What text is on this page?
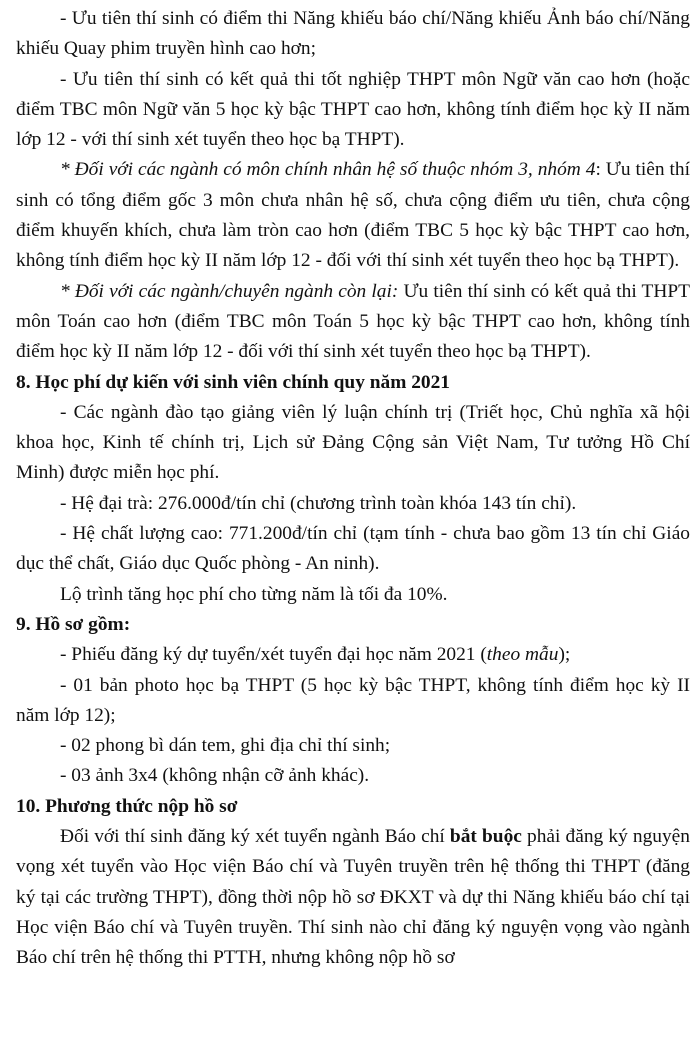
- Ưu tiên thí sinh có điểm thi Năng khiếu báo chí/Năng khiếu Ảnh báo chí/Năng khiếu Quay phim truyền hình cao hơn;

- Ưu tiên thí sinh có kết quả thi tốt nghiệp THPT môn Ngữ văn cao hơn (hoặc điểm TBC môn Ngữ văn 5 học kỳ bậc THPT cao hơn, không tính điểm học kỳ II năm lớp 12 - với thí sinh xét tuyển theo học bạ THPT).

* Đối với các ngành có môn chính nhân hệ số thuộc nhóm 3, nhóm 4: Ưu tiên thí sinh có tổng điểm gốc 3 môn chưa nhân hệ số, chưa cộng điểm ưu tiên, chưa cộng điểm khuyến khích, chưa làm tròn cao hơn (điểm TBC 5 học kỳ bậc THPT cao hơn, không tính điểm học kỳ II năm lớp 12 - đối với thí sinh xét tuyển theo học bạ THPT).

* Đối với các ngành/chuyên ngành còn lại: Ưu tiên thí sinh có kết quả thi THPT môn Toán cao hơn (điểm TBC môn Toán 5 học kỳ bậc THPT cao hơn, không tính điểm học kỳ II năm lớp 12 - đối với thí sinh xét tuyển theo học bạ THPT).

8. Học phí dự kiến với sinh viên chính quy năm 2021

- Các ngành đào tạo giảng viên lý luận chính trị (Triết học, Chủ nghĩa xã hội khoa học, Kinh tế chính trị, Lịch sử Đảng Cộng sản Việt Nam, Tư tưởng Hồ Chí Minh) được miễn học phí.

- Hệ đại trà: 276.000đ/tín chỉ (chương trình toàn khóa 143 tín chỉ).

- Hệ chất lượng cao: 771.200đ/tín chỉ (tạm tính - chưa bao gồm 13 tín chỉ Giáo dục thể chất, Giáo dục Quốc phòng - An ninh).

Lộ trình tăng học phí cho từng năm là tối đa 10%.

9. Hồ sơ gồm:

- Phiếu đăng ký dự tuyển/xét tuyển đại học năm 2021 (theo mẫu);

- 01 bản photo học bạ THPT (5 học kỳ bậc THPT, không tính điểm học kỳ II năm lớp 12);

- 02 phong bì dán tem, ghi địa chỉ thí sinh;

- 03 ảnh 3x4 (không nhận cỡ ảnh khác).

10. Phương thức nộp hồ sơ

Đối với thí sinh đăng ký xét tuyển ngành Báo chí bắt buộc phải đăng ký nguyện vọng xét tuyển vào Học viện Báo chí và Tuyên truyền trên hệ thống thi THPT (đăng ký tại các trường THPT), đồng thời nộp hồ sơ ĐKXT và dự thi Năng khiếu báo chí tại Học viện Báo chí và Tuyên truyền. Thí sinh nào chỉ đăng ký nguyện vọng vào ngành Báo chí trên hệ thống thi PTTH, nhưng không nộp hồ sơ
